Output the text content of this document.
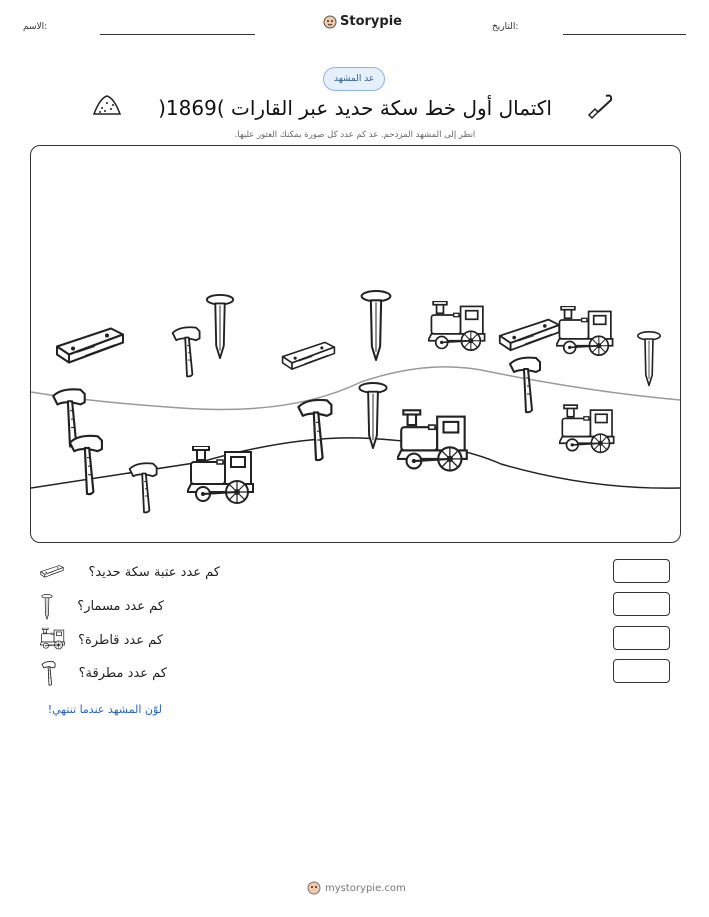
الاسم:	Storypie	التاريخ:
عد المشهد
اكتمال أول خط سكة حديد عبر القارات )1869(
انظر إلى المشهد المزدحم. عد كم عدد كل صورة يمكنك العثور عليها.
كم عدد عتبة سكة حديد؟
كم عدد مسمار؟
كم عدد قاطرة؟
كم عدد مطرقة؟
لوّن المشهد عندما تنتهي!
mystorypie.com
